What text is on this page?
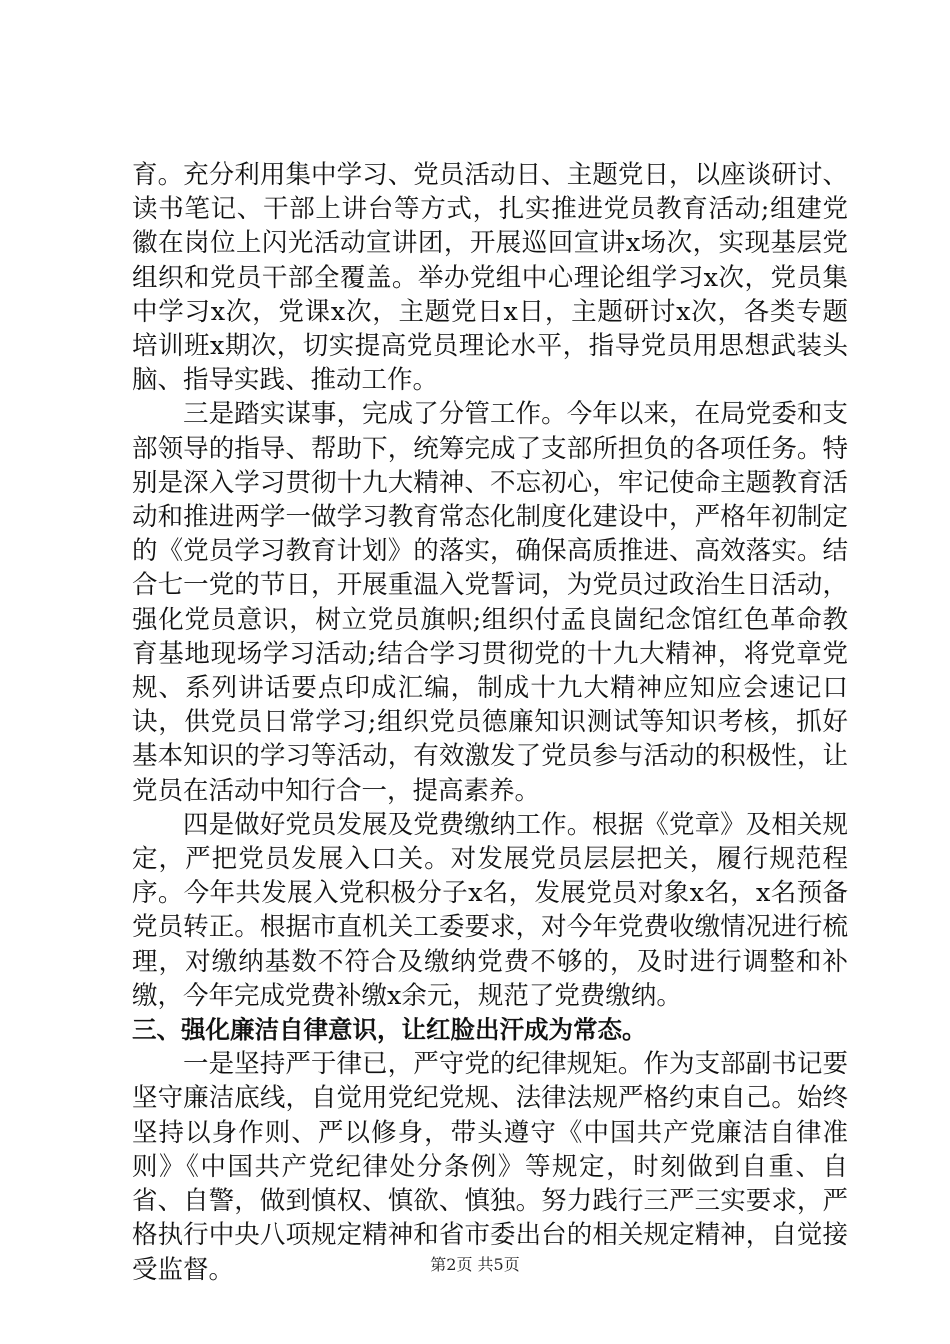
育。充分利用集中学习、党员活动日、主题党日，以座谈研讨、读书笔记、干部上讲台等方式，扎实推进党员教育活动;组建党徽在岗位上闪光活动宣讲团，开展巡回宣讲x场次，实现基层党组织和党员干部全覆盖。举办党组中心理论组学习x次，党员集中学习x次，党课x次，主题党日x日，主题研讨x次，各类专题培训班x期次，切实提高党员理论水平，指导党员用思想武装头脑、指导实践、推动工作。

三是踏实谋事，完成了分管工作。今年以来，在局党委和支部领导的指导、帮助下，统筹完成了支部所担负的各项任务。特别是深入学习贯彻十九大精神、不忘初心，牢记使命主题教育活动和推进两学一做学习教育常态化制度化建设中，严格年初制定的《党员学习教育计划》的落实，确保高质推进、高效落实。结合七一党的节日，开展重温入党誓词，为党员过政治生日活动，强化党员意识，树立党员旗帜;组织付孟良崮纪念馆红色革命教育基地现场学习活动;结合学习贯彻党的十九大精神，将党章党规、系列讲话要点印成汇编，制成十九大精神应知应会速记口诀，供党员日常学习;组织党员德廉知识测试等知识考核，抓好基本知识的学习等活动，有效激发了党员参与活动的积极性，让党员在活动中知行合一，提高素养。

四是做好党员发展及党费缴纳工作。根据《党章》及相关规定，严把党员发展入口关。对发展党员层层把关，履行规范程序。今年共发展入党积极分子x名，发展党员对象x名，x名预备党员转正。根据市直机关工委要求，对今年党费收缴情况进行梳理，对缴纳基数不符合及缴纳党费不够的，及时进行调整和补缴，今年完成党费补缴x余元，规范了党费缴纳。

三、强化廉洁自律意识，让红脸出汗成为常态。

一是坚持严于律已，严守党的纪律规矩。作为支部副书记要坚守廉洁底线，自觉用党纪党规、法律法规严格约束自己。始终坚持以身作则、严以修身，带头遵守《中国共产党廉洁自律准则》《中国共产党纪律处分条例》等规定，时刻做到自重、自省、自警，做到慎权、慎欲、慎独。努力践行三严三实要求，严格执行中央八项规定精神和省市委出台的相关规定精神，自觉接受监督。	第2页 共5页
